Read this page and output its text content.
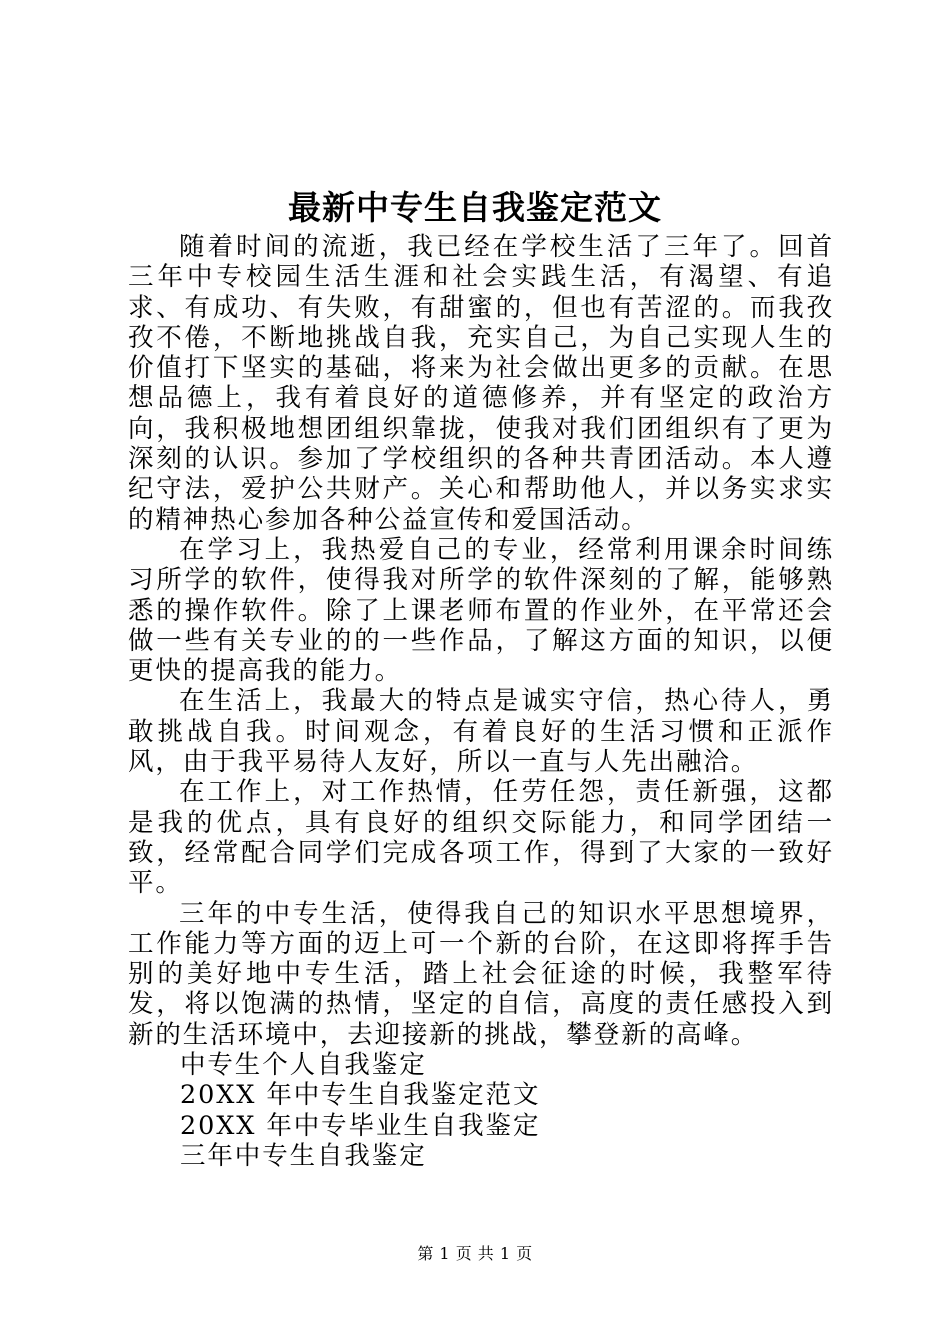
最新中专生自我鉴定范文

随着时间的流逝，我已经在学校生活了三年了。回首三年中专校园生活生涯和社会实践生活，有渴望、有追求、有成功、有失败，有甜蜜的，但也有苦涩的。而我孜孜不倦，不断地挑战自我，充实自己，为自己实现人生的价值打下坚实的基础，将来为社会做出更多的贡献。在思想品德上，我有着良好的道德修养，并有坚定的政治方向，我积极地想团组织靠拢，使我对我们团组织有了更为深刻的认识。参加了学校组织的各种共青团活动。本人遵纪守法，爱护公共财产。关心和帮助他人，并以务实求实的精神热心参加各种公益宣传和爱国活动。

在学习上，我热爱自己的专业，经常利用课余时间练习所学的软件，使得我对所学的软件深刻的了解，能够熟悉的操作软件。除了上课老师布置的作业外，在平常还会做一些有关专业的的一些作品，了解这方面的知识，以便更快的提高我的能力。

在生活上，我最大的特点是诚实守信，热心待人，勇敢挑战自我。时间观念，有着良好的生活习惯和正派作风，由于我平易待人友好，所以一直与人先出融洽。

在工作上，对工作热情，任劳任怨，责任新强，这都是我的优点，具有良好的组织交际能力，和同学团结一致，经常配合同学们完成各项工作，得到了大家的一致好平。

三年的中专生活，使得我自己的知识水平思想境界，工作能力等方面的迈上可一个新的台阶，在这即将挥手告别的美好地中专生活，踏上社会征途的时候，我整军待发，将以饱满的热情，坚定的自信，高度的责任感投入到新的生活环境中，去迎接新的挑战，攀登新的高峰。

中专生个人自我鉴定

20XX 年中专生自我鉴定范文

20XX 年中专毕业生自我鉴定

三年中专生自我鉴定

第 1 页 共 1 页
